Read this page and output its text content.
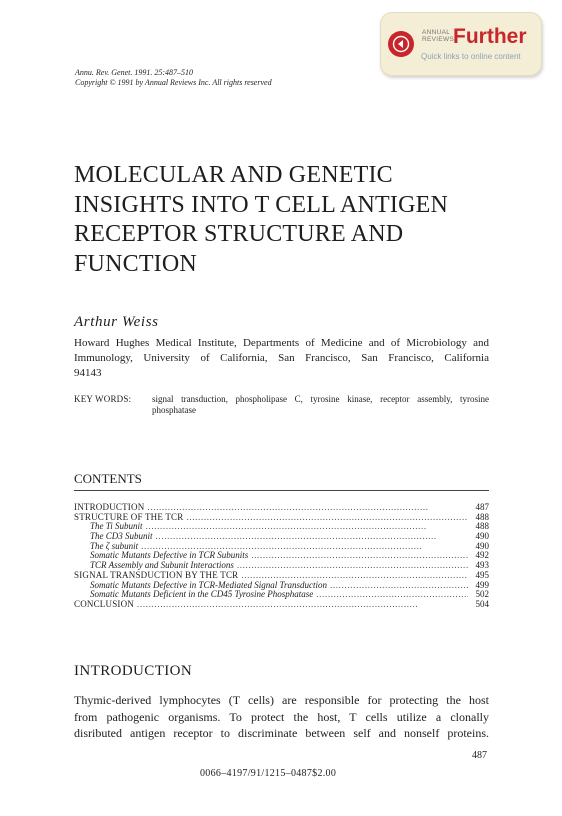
ANNUAL
REVIEWS
Further
Quick links to online content
Annu. Rev. Genet. 1991. 25:487–510
Copyright © 1991 by Annual Reviews Inc. All rights reserved
MOLECULAR AND GENETIC
INSIGHTS INTO T CELL ANTIGEN
RECEPTOR STRUCTURE AND
FUNCTION
Arthur Weiss
Howard Hughes Medical Institute, Departments of Medicine and of Microbiology and
Immunology, University of California, San Francisco, San Francisco, California
94143
KEY WORDS: signal transduction, phospholipase C, tyrosine kinase, receptor assembly, tyrosine phosphatase
CONTENTS
INTRODUCTION . . .	487
STRUCTURE OF THE TCR . . .	488
The Ti Subunit . . .	488
The CD3 Subunit . . .	490
The ζ subunit . . .	490
Somatic Mutants Defective in TCR Subunits . . .	492
TCR Assembly and Subunit Interactions . . .	493
SIGNAL TRANSDUCTION BY THE TCR . . .	495
Somatic Mutants Defective in TCR-Mediated Signal Transduction . . .	499
Somatic Mutants Deficient in the CD45 Tyrosine Phosphatase . . .	502
CONCLUSION . . .	504
INTRODUCTION
Thymic-derived lymphocytes (T cells) are responsible for protecting the host
from pathogenic organisms. To protect the host, T cells utilize a clonally
disributed antigen receptor to discriminate between self and nonself proteins.
487
0066–4197/91/1215–0487$2.00
